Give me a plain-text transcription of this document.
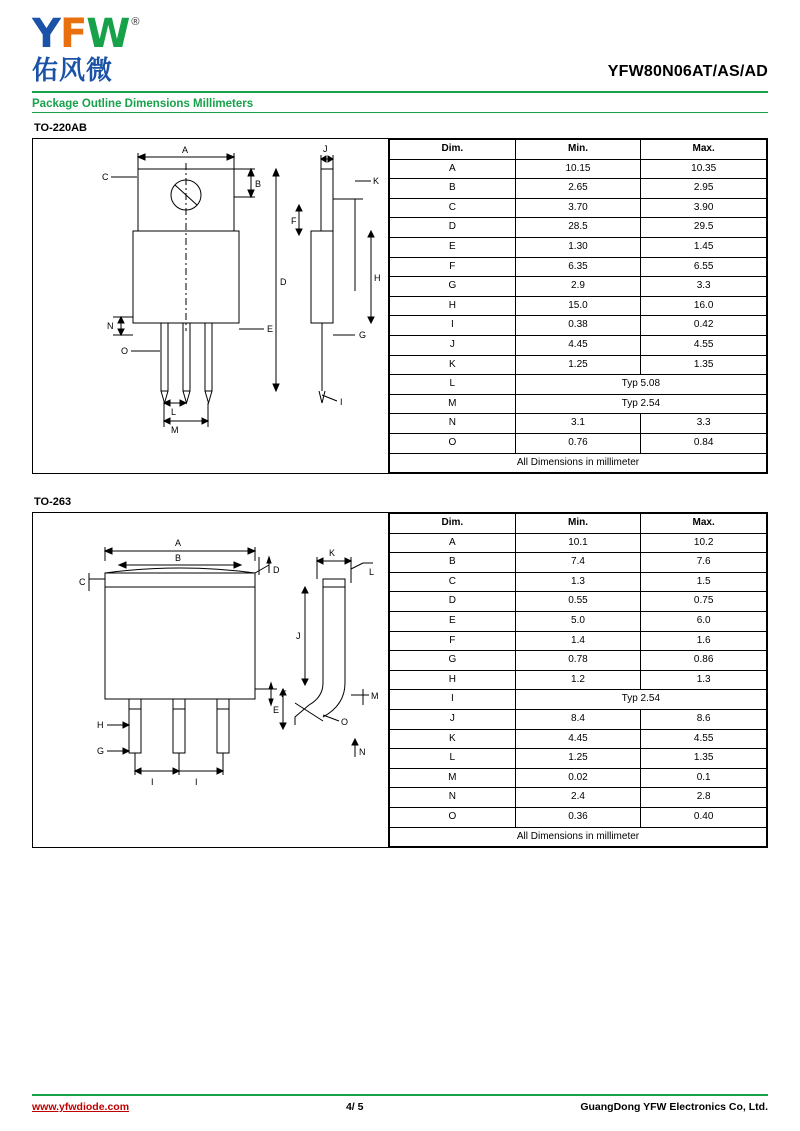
Y F W ®
佑风微	YFW80N06AT/AS/AD
Package Outline Dimensions Millimeters
TO-220AB
A
B
C
D
E
N
O
L
M
J
K
F
H
G
I
Dim.	Min.	Max.
A	10.15	10.35
B	2.65	2.95
C	3.70	3.90
D	28.5	29.5
E	1.30	1.45
F	6.35	6.55
G	2.9	3.3
H	15.0	16.0
I	0.38	0.42
J	4.45	4.55
K	1.25	1.35
L	Typ 5.08	
M	Typ 2.54	
N	3.1	3.3
O	0.76	0.84
All Dimensions in millimeter		
TO-263
A
B
D
C
H
G
I	I
K
J
M
E
O
N
L
Dim.	Min.	Max.
A	10.1	10.2
B	7.4	7.6
C	1.3	1.5
D	0.55	0.75
E	5.0	6.0
F	1.4	1.6
G	0.78	0.86
H	1.2	1.3
I	Typ 2.54	
J	8.4	8.6
K	4.45	4.55
L	1.25	1.35
M	0.02	0.1
N	2.4	2.8
O	0.36	0.40
All Dimensions in millimeter		
www.yfwdiode.com	4/ 5	GuangDong YFW Electronics Co, Ltd.
